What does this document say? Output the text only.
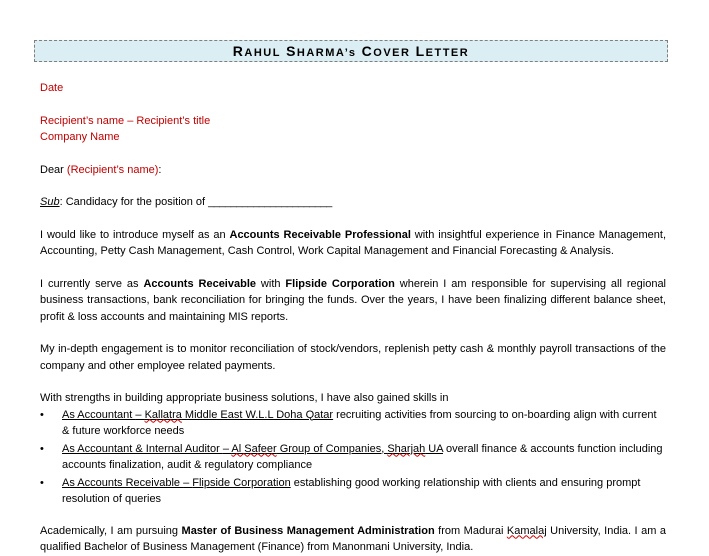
RAHUL SHARMA’s COVER LETTER
Date
Recipient’s name – Recipient’s title
Company Name
Dear (Recipient’s name):
Sub: Candidacy for the position of ______________________

I would like to introduce myself as an Accounts Receivable Professional with insightful experience in Finance Management, Accounting, Petty Cash Management, Cash Control, Work Capital Management and Financial Forecasting & Analysis.

I currently serve as Accounts Receivable with Flipside Corporation wherein I am responsible for supervising all regional business transactions, bank reconciliation for bringing the funds. Over the years, I have been finalizing different balance sheet, profit & loss accounts and maintaining MIS reports.

My in-depth engagement is to monitor reconciliation of stock/vendors, replenish petty cash & monthly payroll transactions of the company and other employee related payments.

With strengths in building appropriate business solutions, I have also gained skills in

• As Accountant – Kallatra Middle East W.L.L Doha Qatar recruiting activities from sourcing to on-boarding align with current & future workforce needs
• As Accountant & Internal Auditor – Al Safeer Group of Companies, Sharjah UA overall finance & accounts function including accounts finalization, audit & regulatory compliance
• As Accounts Receivable – Flipside Corporation establishing good working relationship with clients and ensuring prompt resolution of queries

Academically, I am pursuing Master of Business Management Administration from Madurai Kamalaj University, India. I am a qualified Bachelor of Business Management (Finance) from Manonmani University, India.
